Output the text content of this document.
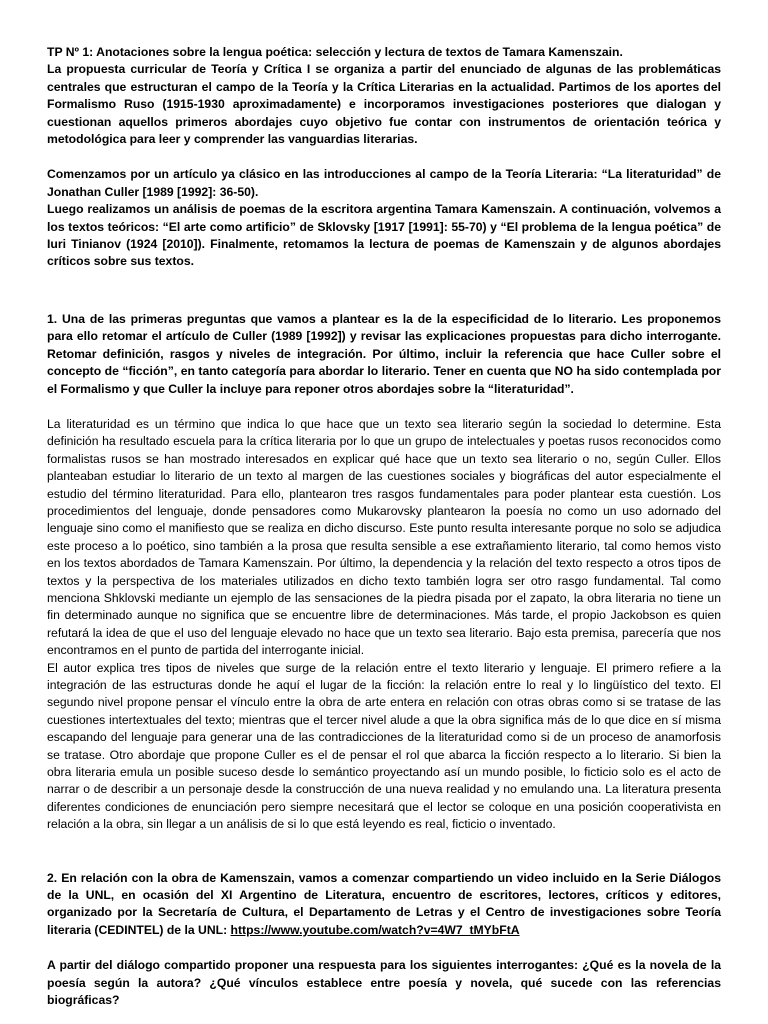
TP Nº 1: Anotaciones sobre la lengua poética: selección y lectura de textos de Tamara Kamenszain.

La propuesta curricular de Teoría y Crítica I se organiza a partir del enunciado de algunas de las problemáticas centrales que estructuran el campo de la Teoría y la Crítica Literarias en la actualidad. Partimos de los aportes del Formalismo Ruso (1915-1930 aproximadamente) e incorporamos investigaciones posteriores que dialogan y cuestionan aquellos primeros abordajes cuyo objetivo fue contar con instrumentos de orientación teórica y metodológica para leer y comprender las vanguardias literarias.

Comenzamos por un artículo ya clásico en las introducciones al campo de la Teoría Literaria: “La literaturidad” de Jonathan Culler [1989 [1992]: 36-50).

Luego realizamos un análisis de poemas de la escritora argentina Tamara Kamenszain. A continuación, volvemos a los textos teóricos: “El arte como artificio” de Sklovsky [1917 [1991]: 55-70) y “El problema de la lengua poética” de Iuri Tinianov (1924 [2010]). Finalmente, retomamos la lectura de poemas de Kamenszain y de algunos abordajes críticos sobre sus textos.

1. Una de las primeras preguntas que vamos a plantear es la de la especificidad de lo literario. Les proponemos para ello retomar el artículo de Culler (1989 [1992]) y revisar las explicaciones propuestas para dicho interrogante. Retomar definición, rasgos y niveles de integración. Por último, incluir la referencia que hace Culler sobre el concepto de “ficción”, en tanto categoría para abordar lo literario. Tener en cuenta que NO ha sido contemplada por el Formalismo y que Culler la incluye para reponer otros abordajes sobre la “literaturidad”.

La literaturidad es un término que indica lo que hace que un texto sea literario según la sociedad lo determine. Esta definición ha resultado escuela para la crítica literaria por lo que un grupo de intelectuales y poetas rusos reconocidos como formalistas rusos se han mostrado interesados en explicar qué hace que un texto sea literario o no, según Culler. Ellos planteaban estudiar lo literario de un texto al margen de las cuestiones sociales y biográficas del autor especialmente el estudio del término literaturidad. Para ello, plantearon tres rasgos fundamentales para poder plantear esta cuestión. Los procedimientos del lenguaje, donde pensadores como Mukarovsky plantearon la poesía no como un uso adornado del lenguaje sino como el manifiesto que se realiza en dicho discurso. Este punto resulta interesante porque no solo se adjudica este proceso a lo poético, sino también a la prosa que resulta sensible a ese extrañamiento literario, tal como hemos visto en los textos abordados de Tamara Kamenszain. Por último, la dependencia y la relación del texto respecto a otros tipos de textos y la perspectiva de los materiales utilizados en dicho texto también logra ser otro rasgo fundamental. Tal como menciona Shklovski mediante un ejemplo de las sensaciones de la piedra pisada por el zapato, la obra literaria no tiene un fin determinado aunque no significa que se encuentre libre de determinaciones. Más tarde, el propio Jackobson es quien refutará la idea de que el uso del lenguaje elevado no hace que un texto sea literario. Bajo esta premisa, parecería que nos encontramos en el punto de partida del interrogante inicial.

El autor explica tres tipos de niveles que surge de la relación entre el texto literario y lenguaje. El primero refiere a la integración de las estructuras donde he aquí el lugar de la ficción: la relación entre lo real y lo lingüístico del texto. El segundo nivel propone pensar el vínculo entre la obra de arte entera en relación con otras obras como si se tratase de las cuestiones intertextuales del texto; mientras que el tercer nivel alude a que la obra significa más de lo que dice en sí misma escapando del lenguaje para generar una de las contradicciones de la literaturidad como si de un proceso de anamorfosis se tratase. Otro abordaje que propone Culler es el de pensar el rol que abarca la ficción respecto a lo literario. Si bien la obra literaria emula un posible suceso desde lo semántico proyectando así un mundo posible, lo ficticio solo es el acto de narrar o de describir a un personaje desde la construcción de una nueva realidad y no emulando una. La literatura presenta diferentes condiciones de enunciación pero siempre necesitará que el lector se coloque en una posición cooperativista en relación a la obra, sin llegar a un análisis de si lo que está leyendo es real, ficticio o inventado.

2. En relación con la obra de Kamenszain, vamos a comenzar compartiendo un video incluido en la Serie Diálogos de la UNL, en ocasión del XI Argentino de Literatura, encuentro de escritores, lectores, críticos y editores, organizado por la Secretaría de Cultura, el Departamento de Letras y el Centro de investigaciones sobre Teoría literaria (CEDINTEL) de la UNL: https://www.youtube.com/watch?v=4W7_tMYbFtA

A partir del diálogo compartido proponer una respuesta para los siguientes interrogantes: ¿Qué es la novela de la poesía según la autora? ¿Qué vínculos establece entre poesía y novela, qué sucede con las referencias biográficas?
